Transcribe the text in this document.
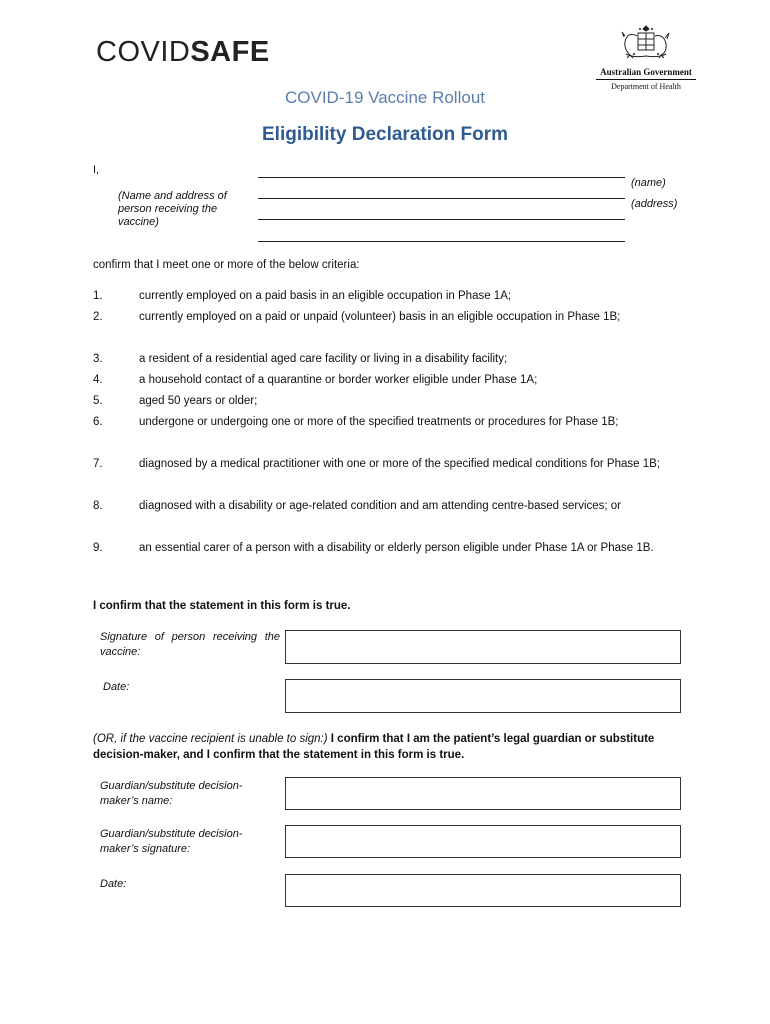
COVIDSAFE
Australian Government
Department of Health
COVID-19 Vaccine Rollout
Eligibility Declaration Form
I,
(Name and address of person receiving the vaccine)
(name)
(address)
confirm that I meet one or more of the below criteria:
1.	currently employed on a paid basis in an eligible occupation in Phase 1A;
2.	currently employed on a paid or unpaid (volunteer) basis in an eligible occupation in Phase 1B;
3.	a resident of a residential aged care facility or living in a disability facility;
4.	a household contact of a quarantine or border worker eligible under Phase 1A;
5.	aged 50 years or older;
6.	undergone or undergoing one or more of the specified treatments or procedures for Phase 1B;
7.	diagnosed by a medical practitioner with one or more of the specified medical conditions for Phase 1B;
8.	diagnosed with a disability or age-related condition and am attending centre-based services; or
9.	an essential carer of a person with a disability or elderly person eligible under Phase 1A or Phase 1B.
I confirm that the statement in this form is true.
Signature of person receiving the vaccine:
Date:
(OR, if the vaccine recipient is unable to sign:) I confirm that I am the patient’s legal guardian or substitute decision-maker, and I confirm that the statement in this form is true.
Guardian/substitute decision-maker’s name:
Guardian/substitute decision-maker’s signature:
Date:
